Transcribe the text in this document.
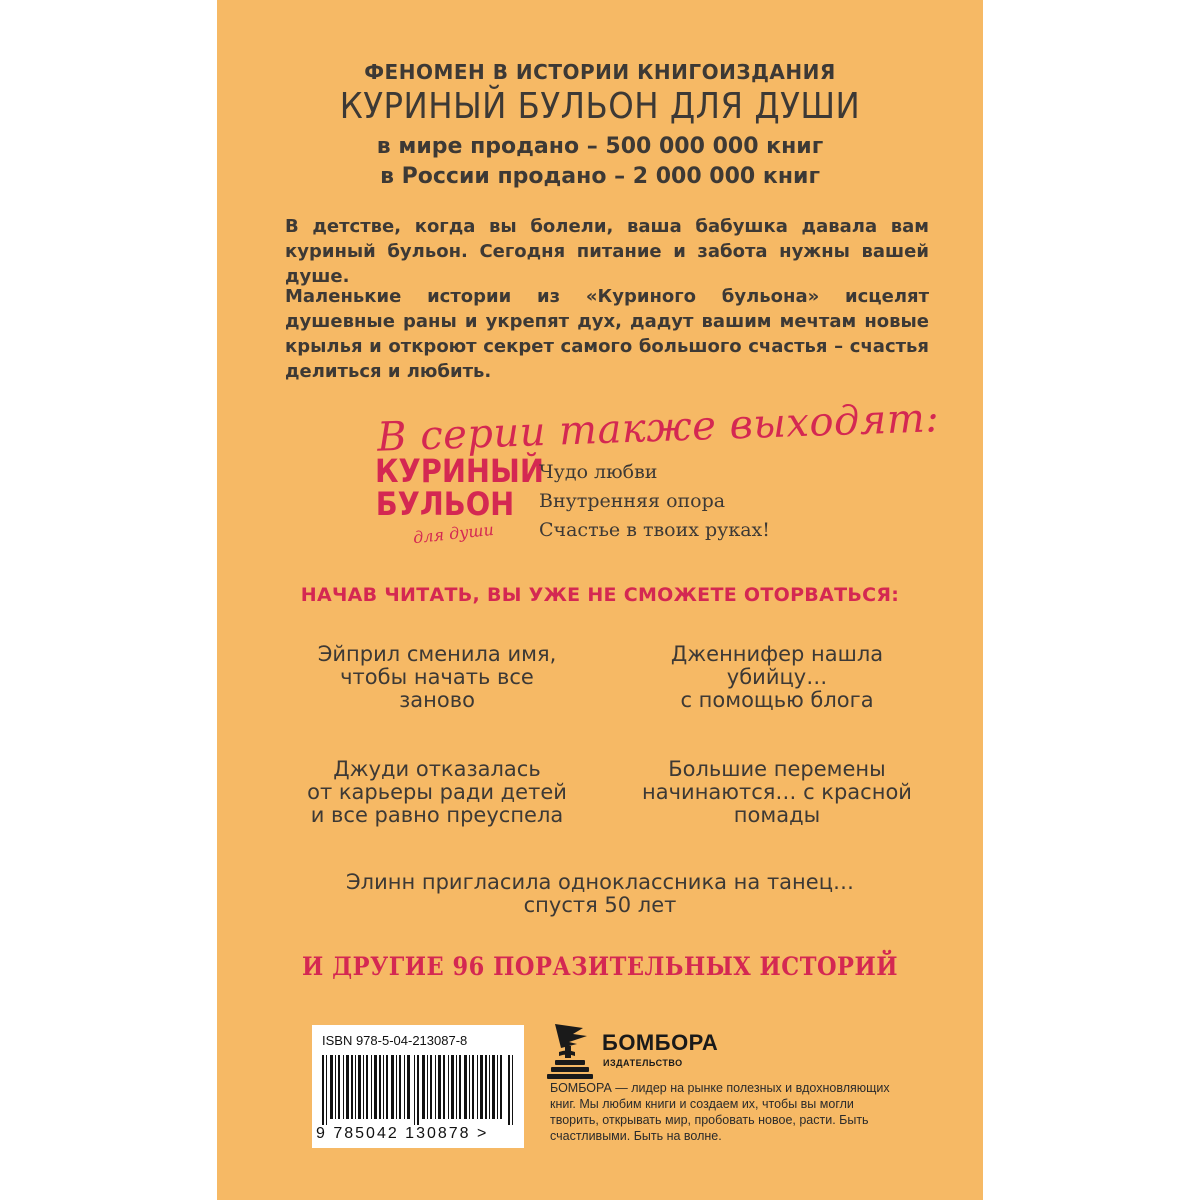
ФЕНОМЕН В ИСТОРИИ КНИГОИЗДАНИЯ
КУРИНЫЙ БУЛЬОН ДЛЯ ДУШИ
в мире продано – 500 000 000 книг
в России продано – 2 000 000 книг
В детстве, когда вы болели, ваша бабушка давала вам куриный бульон. Сегодня питание и забота нужны вашей душе.
Маленькие истории из «Куриного бульона» исцелят душевные раны и укрепят дух, дадут вашим мечтам новые крылья и откроют секрет самого большого счастья – счастья делиться и любить.
В серии также выходят:
КУРИНЫЙ
БУЛЬОН
для души
Чудо любви
Внутренняя опора
Счастье в твоих руках!
НАЧАВ ЧИТАТЬ, ВЫ УЖЕ НЕ СМОЖЕТЕ ОТОРВАТЬСЯ:
Эйприл сменила имя,
чтобы начать все
заново
Дженнифер нашла
убийцу…
с помощью блога
Джуди отказалась
от карьеры ради детей
и все равно преуспела
Большие перемены
начинаются… с красной
помады
Элинн пригласила одноклассника на танец…
спустя 50 лет
И ДРУГИЕ 96 ПОРАЗИТЕЛЬНЫХ ИСТОРИЙ
ISBN 978-5-04-213087-8
9 785042 130878 >
БОМБОРА
ИЗДАТЕЛЬСТВО
БОМБОРА — лидер на рынке полезных и вдохновляющих книг. Мы любим книги и создаем их, чтобы вы могли творить, открывать мир, пробовать новое, расти. Быть счастливыми. Быть на волне.
